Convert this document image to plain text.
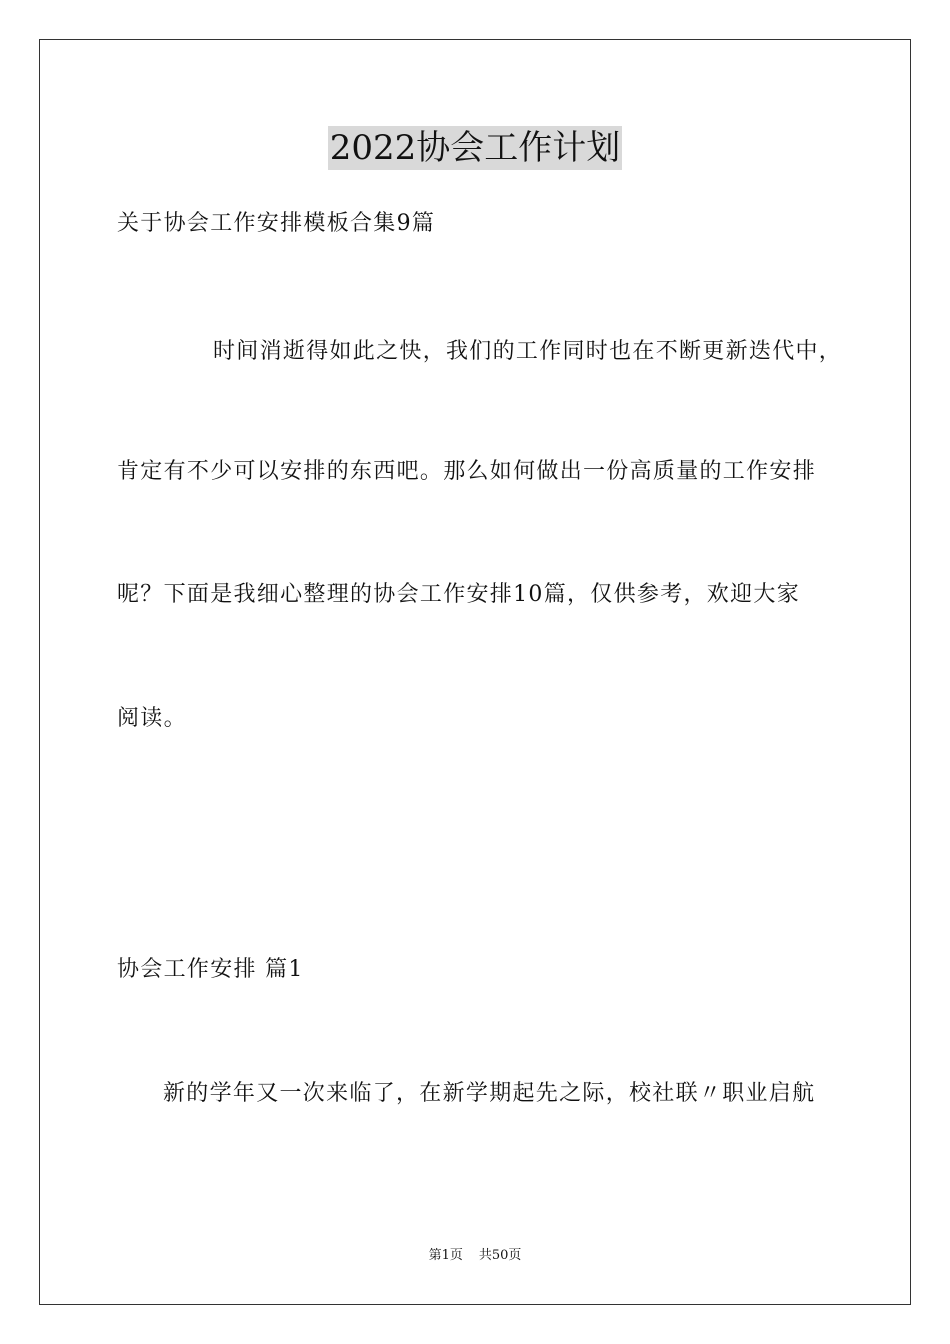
2022协会工作计划
关于协会工作安排模板合集9篇
时间消逝得如此之快，我们的工作同时也在不断更新迭代中，
肯定有不少可以安排的东西吧。那么如何做出一份高质量的工作安排
呢？下面是我细心整理的协会工作安排10篇，仅供参考，欢迎大家
阅读。
协会工作安排 篇1
新的学年又一次来临了，在新学期起先之际，校社联〃职业启航
第1页 共50页
